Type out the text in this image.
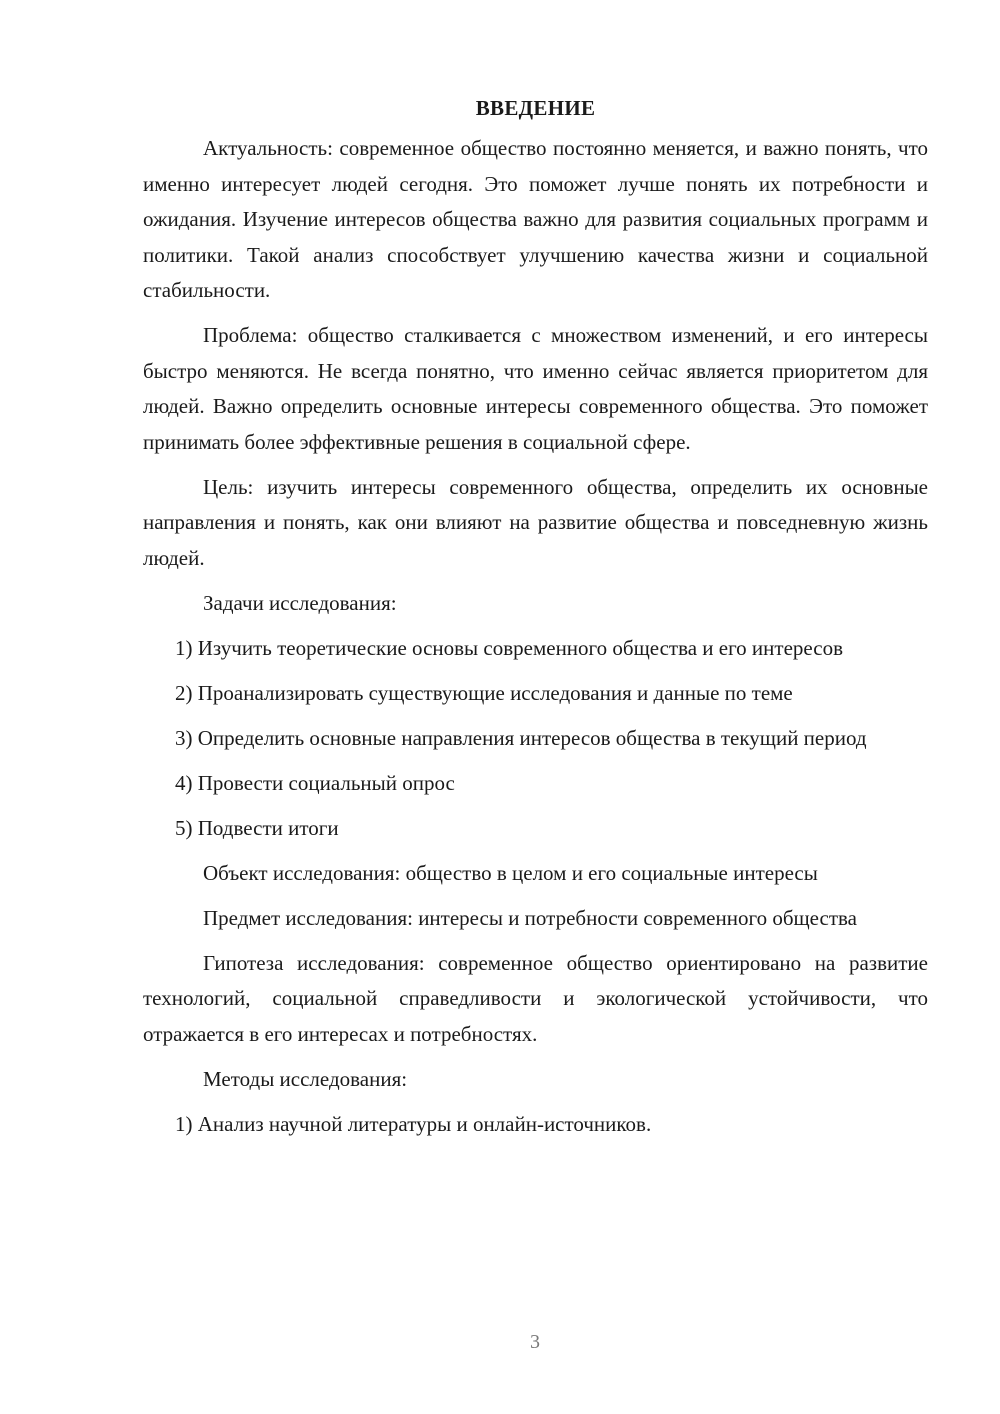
ВВЕДЕНИЕ

Актуальность: современное общество постоянно меняется, и важно понять, что именно интересует людей сегодня. Это поможет лучше понять их потребности и ожидания. Изучение интересов общества важно для развития социальных программ и политики. Такой анализ способствует улучшению качества жизни и социальной стабильности.

Проблема: общество сталкивается с множеством изменений, и его интересы быстро меняются. Не всегда понятно, что именно сейчас является приоритетом для людей. Важно определить основные интересы современного общества. Это поможет принимать более эффективные решения в социальной сфере.

Цель: изучить интересы современного общества, определить их основные направления и понять, как они влияют на развитие общества и повседневную жизнь людей.

Задачи исследования:

1) Изучить теоретические основы современного общества и его интересов

2) Проанализировать существующие исследования и данные по теме

3) Определить основные направления интересов общества в текущий период

4) Провести социальный опрос

5) Подвести итоги

Объект исследования: общество в целом и его социальные интересы

Предмет исследования: интересы и потребности современного общества

Гипотеза исследования: современное общество ориентировано на развитие технологий, социальной справедливости и экологической устойчивости, что отражается в его интересах и потребностях.

Методы исследования:

1) Анализ научной литературы и онлайн-источников.

3
